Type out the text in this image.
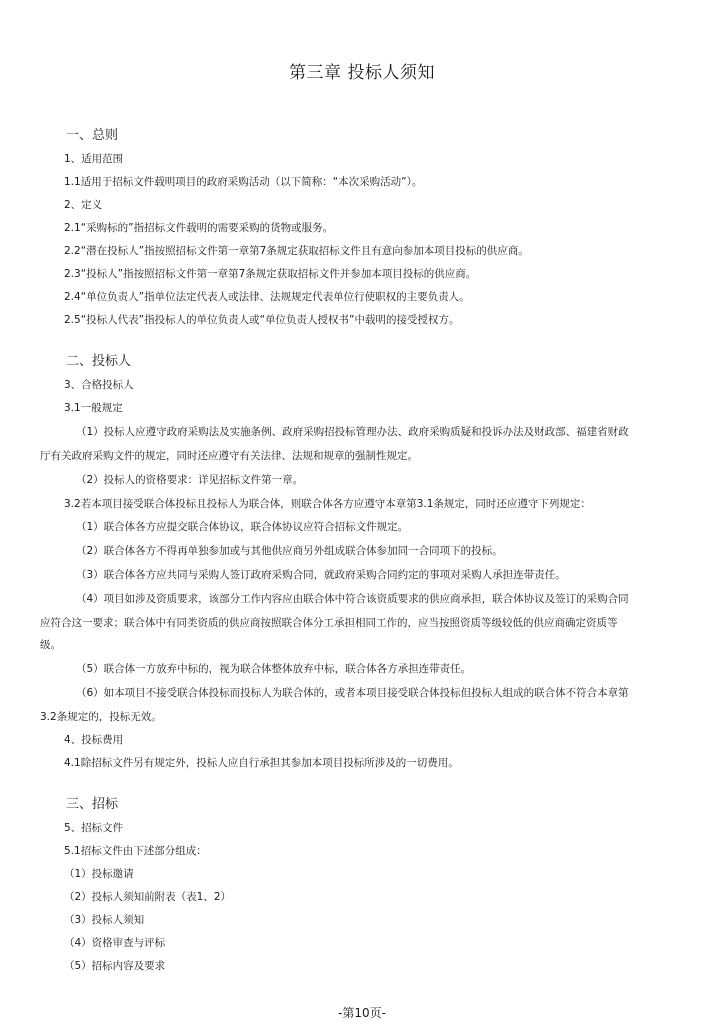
第三章 投标人须知
一、总则
1、适用范围
1.1适用于招标文件载明项目的政府采购活动（以下简称：“本次采购活动”）。
2、定义
2.1“采购标的”指招标文件载明的需要采购的货物或服务。
2.2“潜在投标人”指按照招标文件第一章第7条规定获取招标文件且有意向参加本项目投标的供应商。
2.3“投标人”指按照招标文件第一章第7条规定获取招标文件并参加本项目投标的供应商。
2.4“单位负责人”指单位法定代表人或法律、法规规定代表单位行使职权的主要负责人。
2.5“投标人代表”指投标人的单位负责人或“单位负责人授权书”中载明的接受授权方。
二、投标人
3、合格投标人
3.1一般规定
（1）投标人应遵守政府采购法及实施条例、政府采购招投标管理办法、政府采购质疑和投诉办法及财政部、福建省财政
厅有关政府采购文件的规定，同时还应遵守有关法律、法规和规章的强制性规定。
（2）投标人的资格要求：详见招标文件第一章。
3.2若本项目接受联合体投标且投标人为联合体，则联合体各方应遵守本章第3.1条规定，同时还应遵守下列规定：
（1）联合体各方应提交联合体协议，联合体协议应符合招标文件规定。
（2）联合体各方不得再单独参加或与其他供应商另外组成联合体参加同一合同项下的投标。
（3）联合体各方应共同与采购人签订政府采购合同，就政府采购合同约定的事项对采购人承担连带责任。
（4）项目如涉及资质要求，该部分工作内容应由联合体中符合该资质要求的供应商承担，联合体协议及签订的采购合同
应符合这一要求；联合体中有同类资质的供应商按照联合体分工承担相同工作的，应当按照资质等级较低的供应商确定资质等
级。
（5）联合体一方放弃中标的，视为联合体整体放弃中标，联合体各方承担连带责任。
（6）如本项目不接受联合体投标而投标人为联合体的，或者本项目接受联合体投标但投标人组成的联合体不符合本章第
3.2条规定的，投标无效。
4、投标费用
4.1除招标文件另有规定外，投标人应自行承担其参加本项目投标所涉及的一切费用。
三、招标
5、招标文件
5.1招标文件由下述部分组成：
（1）投标邀请
（2）投标人须知前附表（表1、2）
（3）投标人须知
（4）资格审查与评标
（5）招标内容及要求
-第10页-
